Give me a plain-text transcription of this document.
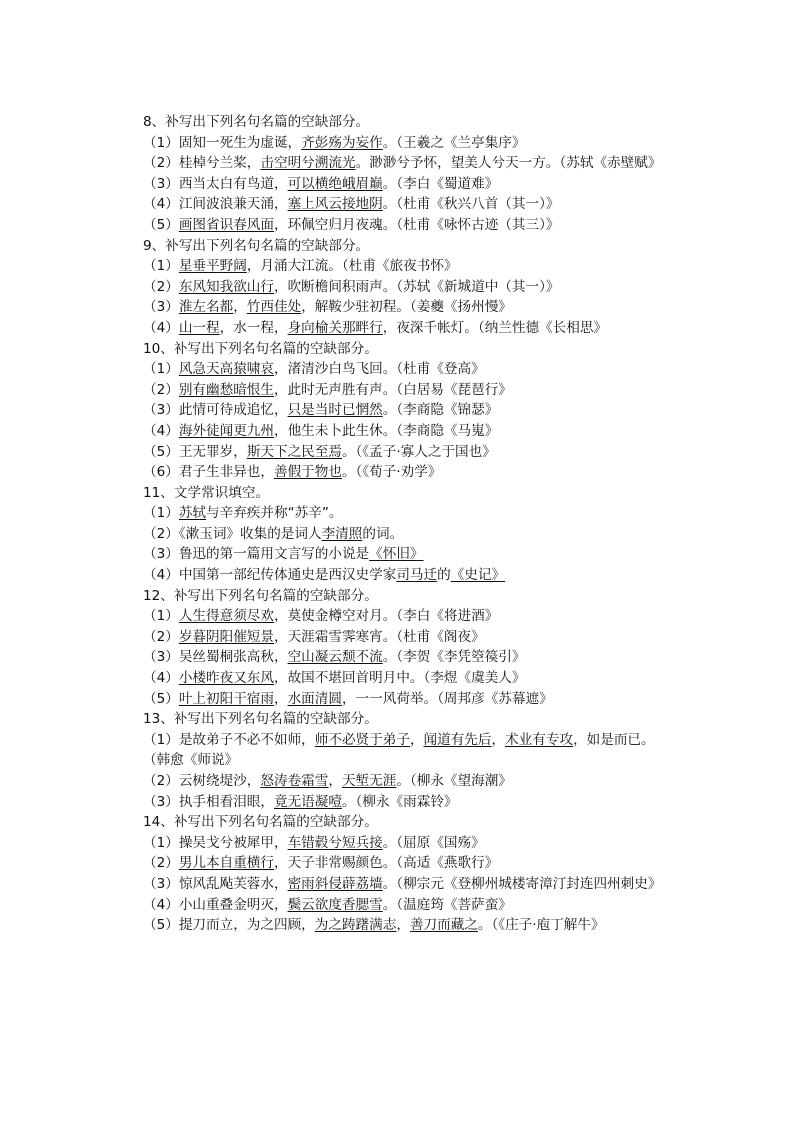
8、补写出下列名句名篇的空缺部分。

（1）固知一死生为虚诞，齐彭殇为妄作。（王羲之《兰亭集序》

（2）桂棹兮兰桨，击空明兮溯流光。渺渺兮予怀，望美人兮天一方。（苏轼《赤壁赋》

（3）西当太白有鸟道，可以横绝峨眉巅。（李白《蜀道难》

（4）江间波浪兼天涌，塞上风云接地阴。（杜甫《秋兴八首（其一）》

（5）画图省识春风面，环佩空归月夜魂。（杜甫《咏怀古迹（其三）》

9、补写出下列名句名篇的空缺部分。

（1）星垂平野阔，月涌大江流。（杜甫《旅夜书怀》

（2）东风知我欲山行，吹断檐间积雨声。（苏轼《新城道中（其一）》

（3）淮左名都，竹西佳处，解鞍少驻初程。（姜夔《扬州慢》

（4）山一程，水一程，身向榆关那畔行，夜深千帐灯。（纳兰性德《长相思》

10、补写出下列名句名篇的空缺部分。

（1）风急天高猿啸哀，渚清沙白鸟飞回。（杜甫《登高》

（2）别有幽愁暗恨生，此时无声胜有声。（白居易《琵琶行》

（3）此情可待成追忆，只是当时已惘然。（李商隐《锦瑟》

（4）海外徒闻更九州，他生未卜此生休。（李商隐《马嵬》

（5）王无罪岁，斯天下之民至焉。（《孟子·寡人之于国也》

（6）君子生非异也，善假于物也。（《荀子·劝学》

11、文学常识填空。

（1）苏轼与辛弃疾并称“苏辛”。

（2）《漱玉词》收集的是词人李清照的词。

（3）鲁迅的第一篇用文言写的小说是《怀旧》

（4）中国第一部纪传体通史是西汉史学家司马迁的《史记》

12、补写出下列名句名篇的空缺部分。

（1）人生得意须尽欢，莫使金樽空对月。（李白《将进酒》

（2）岁暮阴阳催短景，天涯霜雪霁寒宵。（杜甫《阁夜》

（3）吴丝蜀桐张高秋，空山凝云颓不流。（李贺《李凭箜篌引》

（4）小楼昨夜又东风，故国不堪回首明月中。（李煜《虞美人》

（5）叶上初阳干宿雨，水面清圆，一一风荷举。（周邦彦《苏幕遮》

13、补写出下列名句名篇的空缺部分。

（1）是故弟子不必不如师，师不必贤于弟子，闻道有先后，术业有专攻，如是而已。（韩愈《师说》

（2）云树绕堤沙，怒涛卷霜雪，天堑无涯。（柳永《望海潮》

（3）执手相看泪眼，竟无语凝噎。（柳永《雨霖铃》

14、补写出下列名句名篇的空缺部分。

（1）操吴戈兮被犀甲，车错毂兮短兵接。（屈原《国殇》

（2）男儿本自重横行，天子非常赐颜色。（高适《燕歌行》

（3）惊风乱飐芙蓉水，密雨斜侵薜荔墙。（柳宗元《登柳州城楼寄漳汀封连四州刺史》

（4）小山重叠金明灭，鬓云欲度香腮雪。（温庭筠《菩萨蛮》

（5）提刀而立，为之四顾，为之踌躇满志，善刀而藏之。（《庄子·庖丁解牛》
